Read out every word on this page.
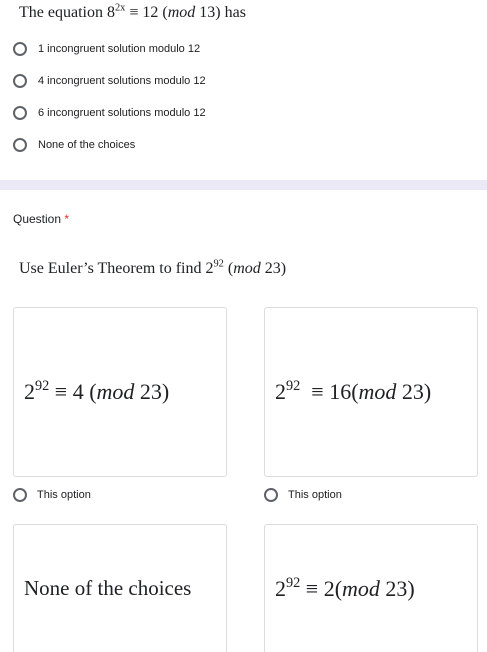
The equation $8^{2x} \equiv 12$ (mod 13) has
1 incongruent solution modulo 12
4 incongruent solutions modulo 12
6 incongruent solutions modulo 12
None of the choices
Question *
Use Euler’s Theorem to find $2^{92}$ (mod 23)
$2^{92} \equiv 4$ (mod 23)	$2^{92} \equiv 16(mod$ 23)
This option	This option
None of the choices	$2^{92} \equiv 2(mod$ 23)
